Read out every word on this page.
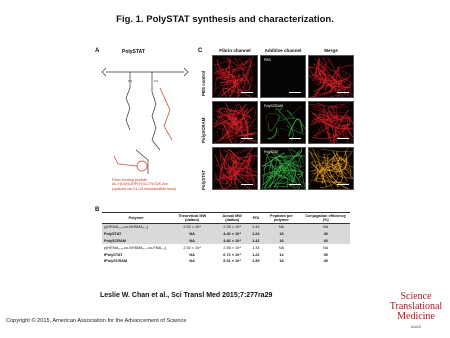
Fig. 1. PolySTAT synthesis and characterization.
A	C
B
PolySTAT
0.3	0.6
Fibrin-binding peptide:
Ac-Y(DGt)C(HP(Y)GLCY)GQK-Am
(cyclized via C3-C8 monodisulfide bond)
Fibrin channel	Additive channel	Merge
PBS control
PolySCRAM
PolySTAT
PBS
PolySCRAM
PolySTAT
Polymer	Theoretical MW (dalton)	Actual MW (dalton)	PDI	Peptides per polymer	Conjugation efficiency (%)
p(HEMA₀.₈-co-NHSMA₀.₂)	2.92 × 10⁴	2.95 × 10⁴	1.43	NA	NA
PolySTAT	NA	4.40 × 10⁴	1.24	16	40
PolySCRAM	NA	4.66 × 10⁴	1.42	16	40
p(HEMA₀.₈-co-NHSMA₀.₁-co-FMA₀.₁)	2.92 × 10⁴	2.58 × 10⁴	1.34	NA	NA
fPolySTAT	NA	6.72 × 10⁴	1.22	14	35
fPolySCRAM	NA	5.31 × 10⁴	1.35	18	45
Leslie W. Chan et al., Sci Transl Med 2015;7:277ra29
Copyright © 2015, American Association for the Advancement of Science
Science
Translational
Medicine
AAAS
